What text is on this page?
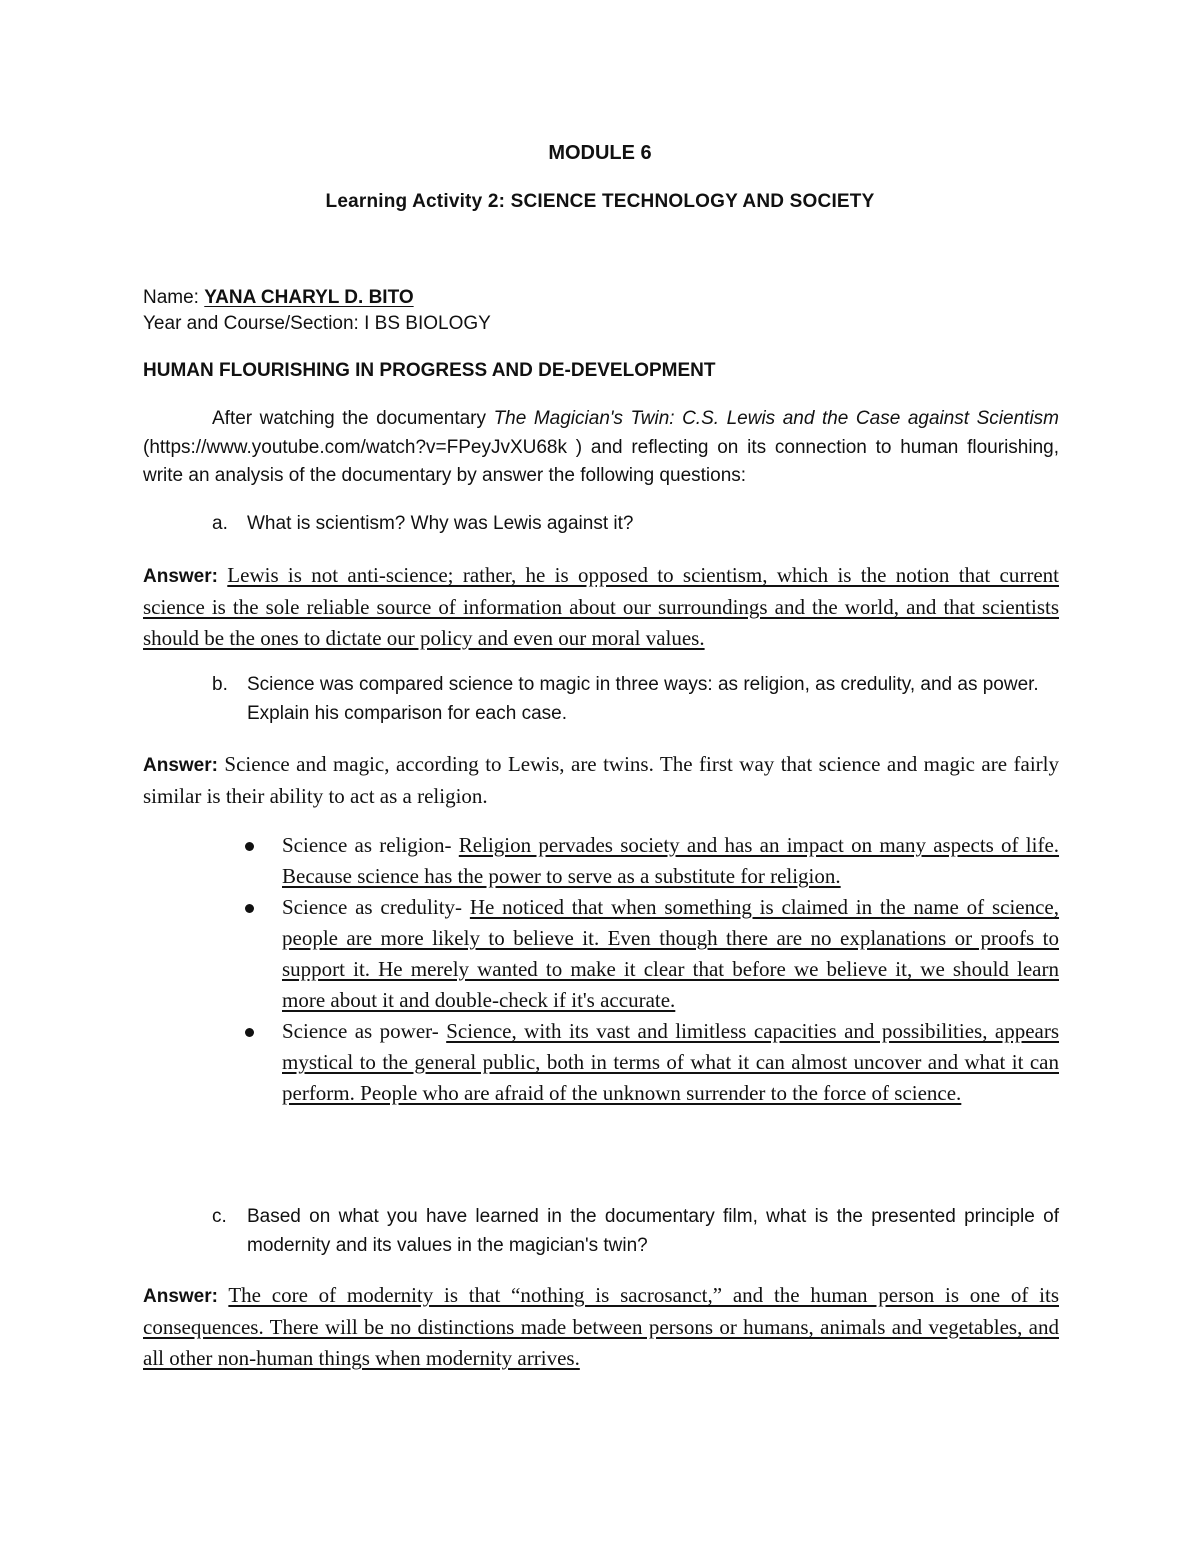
MODULE 6
Learning Activity 2: SCIENCE TECHNOLOGY AND SOCIETY
Name: YANA CHARYL D. BITO
Year and Course/Section: I BS BIOLOGY
HUMAN FLOURISHING IN PROGRESS AND DE-DEVELOPMENT
After watching the documentary The Magician's Twin: C.S. Lewis and the Case against Scientism (https://www.youtube.com/watch?v=FPeyJvXU68k ) and reflecting on its connection to human flourishing, write an analysis of the documentary by answer the following questions:
a. What is scientism? Why was Lewis against it?
Answer: Lewis is not anti-science; rather, he is opposed to scientism, which is the notion that current science is the sole reliable source of information about our surroundings and the world, and that scientists should be the ones to dictate our policy and even our moral values.
b. Science was compared science to magic in three ways: as religion, as credulity, and as power. Explain his comparison for each case.
Answer: Science and magic, according to Lewis, are twins. The first way that science and magic are fairly similar is their ability to act as a religion.
Science as religion- Religion pervades society and has an impact on many aspects of life. Because science has the power to serve as a substitute for religion.
Science as credulity- He noticed that when something is claimed in the name of science, people are more likely to believe it. Even though there are no explanations or proofs to support it. He merely wanted to make it clear that before we believe it, we should learn more about it and double-check if it's accurate.
Science as power- Science, with its vast and limitless capacities and possibilities, appears mystical to the general public, both in terms of what it can almost uncover and what it can perform. People who are afraid of the unknown surrender to the force of science.
c. Based on what you have learned in the documentary film, what is the presented principle of modernity and its values in the magician's twin?
Answer: The core of modernity is that “nothing is sacrosanct,” and the human person is one of its consequences. There will be no distinctions made between persons or humans, animals and vegetables, and all other non-human things when modernity arrives.
